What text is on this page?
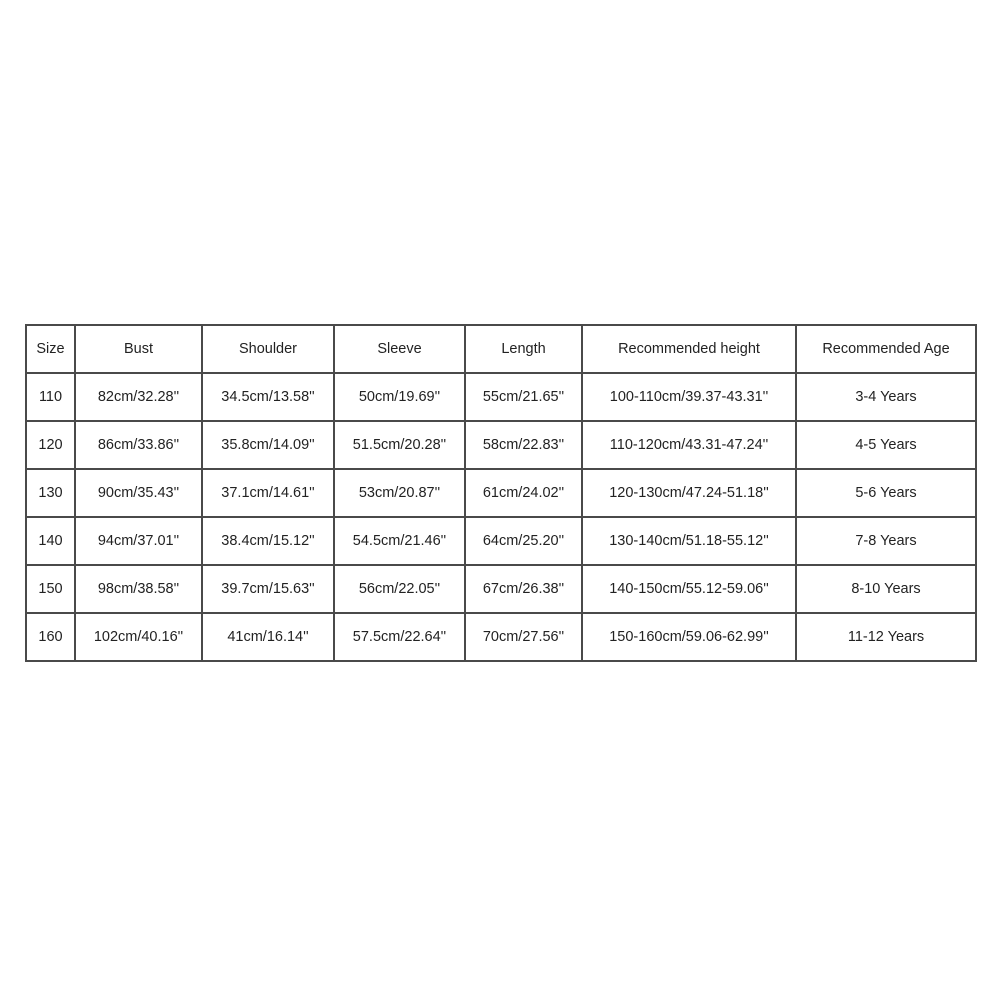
Size	Bust	Shoulder	Sleeve	Length	Recommended height	Recommended Age
110	82cm/32.28''	34.5cm/13.58''	50cm/19.69''	55cm/21.65''	100-110cm/39.37-43.31''	3-4 Years
120	86cm/33.86''	35.8cm/14.09''	51.5cm/20.28''	58cm/22.83''	110-120cm/43.31-47.24''	4-5 Years
130	90cm/35.43''	37.1cm/14.61''	53cm/20.87''	61cm/24.02''	120-130cm/47.24-51.18''	5-6 Years
140	94cm/37.01''	38.4cm/15.12''	54.5cm/21.46''	64cm/25.20''	130-140cm/51.18-55.12''	7-8 Years
150	98cm/38.58''	39.7cm/15.63''	56cm/22.05''	67cm/26.38''	140-150cm/55.12-59.06''	8-10 Years
160	102cm/40.16''	41cm/16.14''	57.5cm/22.64''	70cm/27.56''	150-160cm/59.06-62.99''	11-12 Years
